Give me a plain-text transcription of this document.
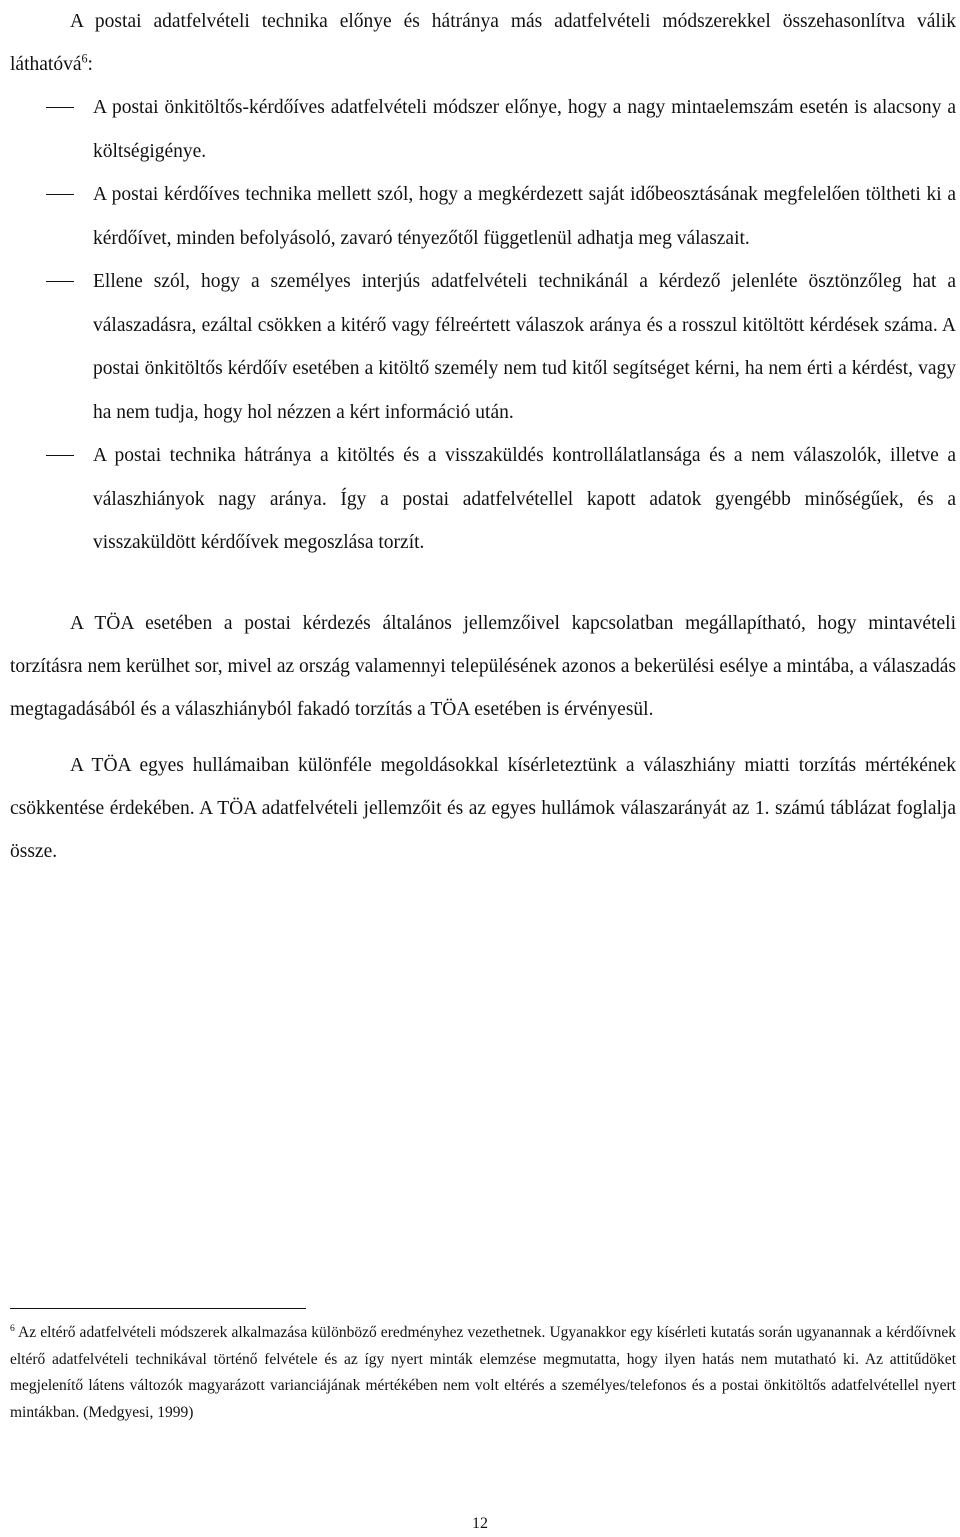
A postai adatfelvételi technika előnye és hátránya más adatfelvételi módszerekkel összehasonlítva válik láthatóvá$^6$:

A postai önkitöltős-kérdőíves adatfelvételi módszer előnye, hogy a nagy mintaelemszám esetén is alacsony a költségigénye.
A postai kérdőíves technika mellett szól, hogy a megkérdezett saját időbeosztásának megfelelően töltheti ki a kérdőívet, minden befolyásoló, zavaró tényezőtől függetlenül adhatja meg válaszait.
Ellene szól, hogy a személyes interjús adatfelvételi technikánál a kérdező jelenléte ösztönzőleg hat a válaszadásra, ezáltal csökken a kitérő vagy félreértett válaszok aránya és a rosszul kitöltött kérdések száma. A postai önkitöltős kérdőív esetében a kitöltő személy nem tud kitől segítséget kérni, ha nem érti a kérdést, vagy ha nem tudja, hogy hol nézzen a kért információ után.
A postai technika hátránya a kitöltés és a visszaküldés kontrollálatlansága és a nem válaszolók, illetve a válaszhiányok nagy aránya. Így a postai adatfelvétellel kapott adatok gyengébb minőségűek, és a visszaküldött kérdőívek megoszlása torzít.

A TÖA esetében a postai kérdezés általános jellemzőivel kapcsolatban megállapítható, hogy mintavételi torzításra nem kerülhet sor, mivel az ország valamennyi településének azonos a bekerülési esélye a mintába, a válaszadás megtagadásából és a válaszhiányból fakadó torzítás a TÖA esetében is érvényesül.

A TÖA egyes hullámaiban különféle megoldásokkal kísérleteztünk a válaszhiány miatti torzítás mértékének csökkentése érdekében. A TÖA adatfelvételi jellemzőit és az egyes hullámok válaszarányát az 1. számú táblázat foglalja össze.

$^6$ Az eltérő adatfelvételi módszerek alkalmazása különböző eredményhez vezethetnek. Ugyanakkor egy kísérleti kutatás során ugyanannak a kérdőívnek eltérő adatfelvételi technikával történő felvétele és az így nyert minták elemzése megmutatta, hogy ilyen hatás nem mutatható ki. Az attitűdöket megjelenítő látens változók magyarázott varianciájának mértékében nem volt eltérés a személyes/telefonos és a postai önkitöltős adatfelvétellel nyert mintákban. (Medgyesi, 1999)

12
